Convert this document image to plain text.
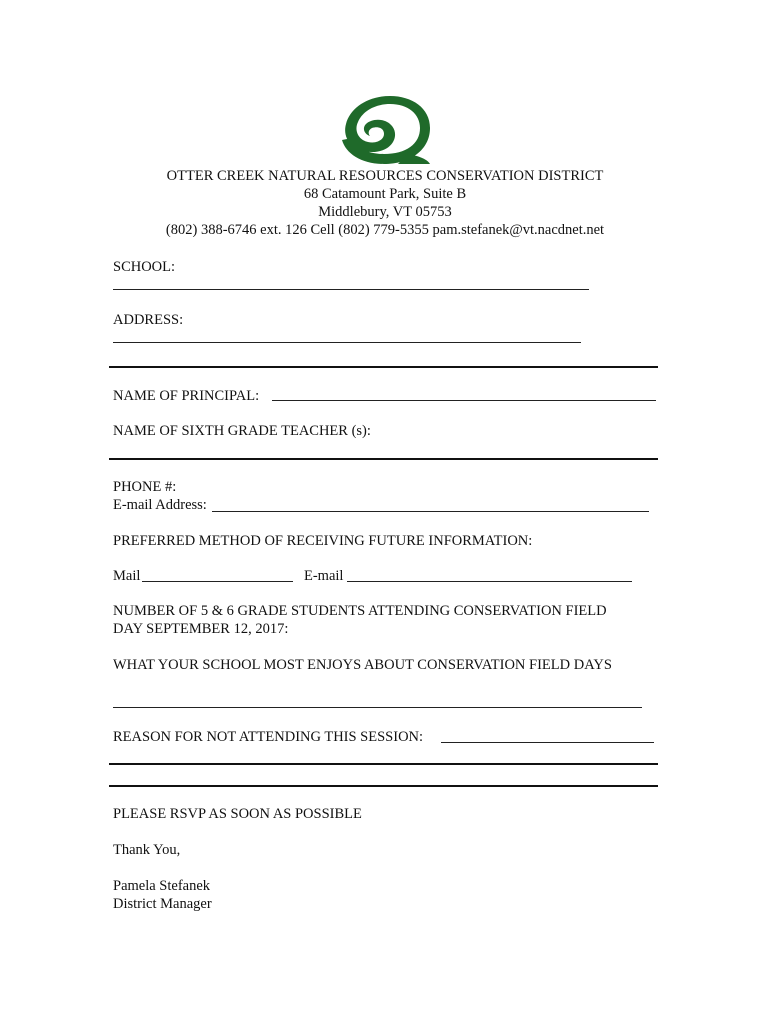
OTTER CREEK NATURAL RESOURCES CONSERVATION DISTRICT
68 Catamount Park, Suite B
Middlebury, VT 05753
(802) 388-6746 ext. 126 Cell (802) 779-5355 pam.stefanek@vt.nacdnet.net
SCHOOL:
ADDRESS:
NAME OF PRINCIPAL:
NAME OF SIXTH GRADE TEACHER (s):
PHONE #:
E-mail Address:
PREFERRED METHOD OF RECEIVING FUTURE INFORMATION:
Mail	E-mail
NUMBER OF 5 & 6 GRADE STUDENTS ATTENDING CONSERVATION FIELD
DAY SEPTEMBER 12, 2017:
WHAT YOUR SCHOOL MOST ENJOYS ABOUT CONSERVATION FIELD DAYS
REASON FOR NOT ATTENDING THIS SESSION:
PLEASE RSVP AS SOON AS POSSIBLE
Thank You,
Pamela Stefanek
District Manager
